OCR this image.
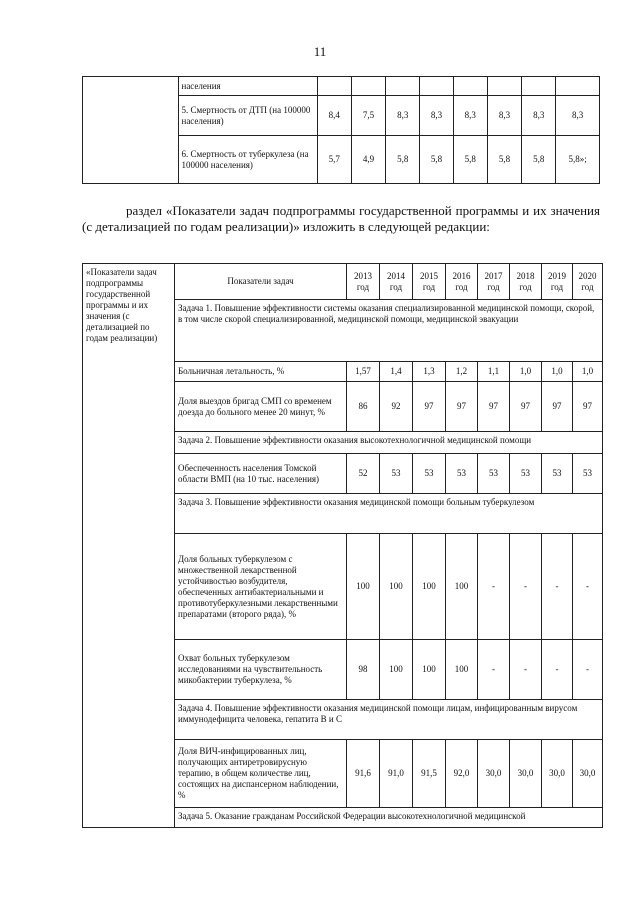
11
	населения								
	5. Смертность от ДТП (на 100000 населения)	8,4	7,5	8,3	8,3	8,3	8,3	8,3	8,3
	6. Смертность от туберкулеза (на 100000 населения)	5,7	4,9	5,8	5,8	5,8	5,8	5,8	5,8»;
раздел «Показатели задач подпрограммы государственной программы и их значения (с детализацией по годам реализации)» изложить в следующей редакции:
«Показатели задач подпрограммы государственной программы и их значения (с детализацией по годам реализации)	Показатели задач	2013 год	2014 год	2015 год	2016 год	2017 год	2018 год	2019 год	2020 год
	Задача 1. Повышение эффективности системы оказания специализированной медицинской помощи, скорой, в том числе скорой специализированной, медицинской помощи, медицинской эвакуации								
	Больничная летальность, %	1,57	1,4	1,3	1,2	1,1	1,0	1,0	1,0
	Доля выездов бригад СМП со временем доезда до больного менее 20 минут, %	86	92	97	97	97	97	97	97
	Задача 2. Повышение эффективности оказания высокотехнологичной медицинской помощи								
	Обеспеченность населения Томской области ВМП (на 10 тыс. населения)	52	53	53	53	53	53	53	53
	Задача 3. Повышение эффективности оказания медицинской помощи больным туберкулезом								
	Доля больных туберкулезом с множественной лекарственной устойчивостью возбудителя, обеспеченных антибактериальными и противотуберкулезными лекарственными препаратами (второго ряда), %	100	100	100	100	-	-	-	-
	Охват больных туберкулезом исследованиями на чувствительность микобактерии туберкулеза, %	98	100	100	100	-	-	-	-
	Задача 4. Повышение эффективности оказания медицинской помощи лицам, инфицированным вирусом иммунодефицита человека, гепатита В и С								
	Доля ВИЧ-инфицированных лиц, получающих антиретровирусную терапию, в общем количестве лиц, состоящих на диспансерном наблюдении, %	91,6	91,0	91,5	92,0	30,0	30,0	30,0	30,0
	Задача 5. Оказание гражданам Российской Федерации высокотехнологичной медицинской								
